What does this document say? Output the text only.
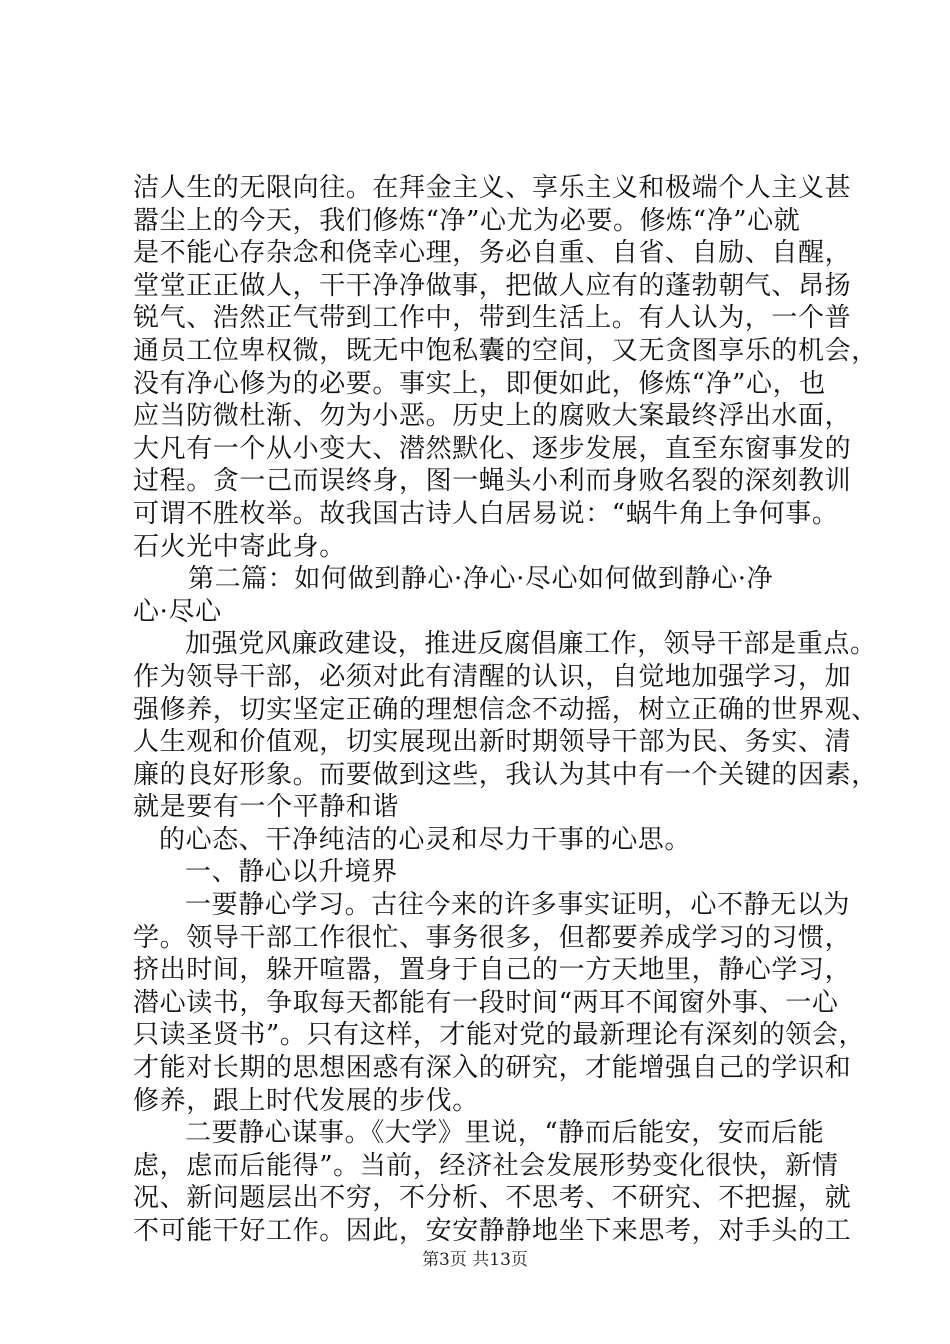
洁人生的无限向往。在拜金主义、享乐主义和极端个人主义甚
嚣尘上的今天，我们修炼“净”心尤为必要。修炼“净”心就
是不能心存杂念和侥幸心理，务必自重、自省、自励、自醒，
堂堂正正做人，干干净净做事，把做人应有的蓬勃朝气、昂扬
锐气、浩然正气带到工作中，带到生活上。有人认为，一个普
通员工位卑权微，既无中饱私囊的空间，又无贪图享乐的机会，
没有净心修为的必要。事实上，即便如此，修炼“净”心，也
应当防微杜渐、勿为小恶。历史上的腐败大案最终浮出水面，
大凡有一个从小变大、潜然默化、逐步发展，直至东窗事发的
过程。贪一己而误终身，图一蝇头小利而身败名裂的深刻教训
可谓不胜枚举。故我国古诗人白居易说：“蜗牛角上争何事。
石火光中寄此身。
第二篇：如何做到静心·净心·尽心如何做到静心·净
心·尽心
加强党风廉政建设，推进反腐倡廉工作，领导干部是重点。
作为领导干部，必须对此有清醒的认识，自觉地加强学习，加
强修养，切实坚定正确的理想信念不动摇，树立正确的世界观、
人生观和价值观，切实展现出新时期领导干部为民、务实、清
廉的良好形象。而要做到这些，我认为其中有一个关键的因素，
就是要有一个平静和谐
的心态、干净纯洁的心灵和尽力干事的心思。
一、静心以升境界
一要静心学习。古往今来的许多事实证明，心不静无以为
学。领导干部工作很忙、事务很多，但都要养成学习的习惯，
挤出时间，躲开喧嚣，置身于自己的一方天地里，静心学习，
潜心读书，争取每天都能有一段时间“两耳不闻窗外事、一心
只读圣贤书”。只有这样，才能对党的最新理论有深刻的领会，
才能对长期的思想困惑有深入的研究，才能增强自己的学识和
修养，跟上时代发展的步伐。
二要静心谋事。《大学》里说，“静而后能安，安而后能
虑，虑而后能得”。当前，经济社会发展形势变化很快，新情
况、新问题层出不穷，不分析、不思考、不研究、不把握，就
不可能干好工作。因此，安安静静地坐下来思考，对手头的工
第3页 共13页
